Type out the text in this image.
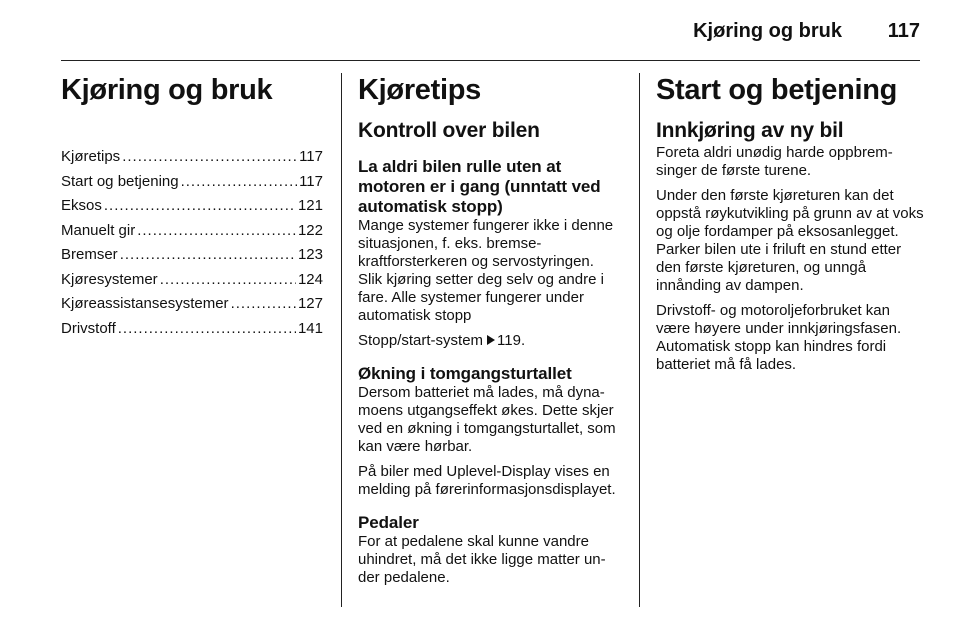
Kjøring og bruk 117
Kjøring og bruk
Kjøretips .....	117
Start og betjening .....	117
Eksos .....	121
Manuelt gir .....	122
Bremser .....	123
Kjøresystemer .....	124
Kjøreassistansesystemer .....	127
Drivstoff .....	141
Kjøretips
Kontroll over bilen
La aldri bilen rulle uten at motoren er i gang (unntatt ved automatisk stopp)

Mange systemer fungerer ikke i denne situasjonen, f. eks. bremsekraftforsterkeren og servostyringen. Slik kjøring setter deg selv og andre i fare. Alle systemer fungerer under automatisk stopp

Stopp/start-system 119.

Økning i tomgangsturtallet

Dersom batteriet må lades, må dynamoens utgangseffekt økes. Dette skjer ved en økning i tomgangsturtallet, som kan være hørbar.

På biler med Uplevel-Display vises en melding på førerinformasjonsdisplayet.

Pedaler

For at pedalene skal kunne vandre uhindret, må det ikke ligge matter under pedalene.

Start og betjening
Innkjøring av ny bil

Foreta aldri unødig harde oppbremsinger de første turene.

Under den første kjøreturen kan det oppstå røykutvikling på grunn av at voks og olje fordamper på eksosanlegget. Parker bilen ute i friluft en stund etter den første kjøreturen, og unngå innånding av dampen.

Drivstoff- og motoroljeforbruket kan være høyere under innkjøringsfasen. Automatisk stopp kan hindres fordi batteriet må få lades.
